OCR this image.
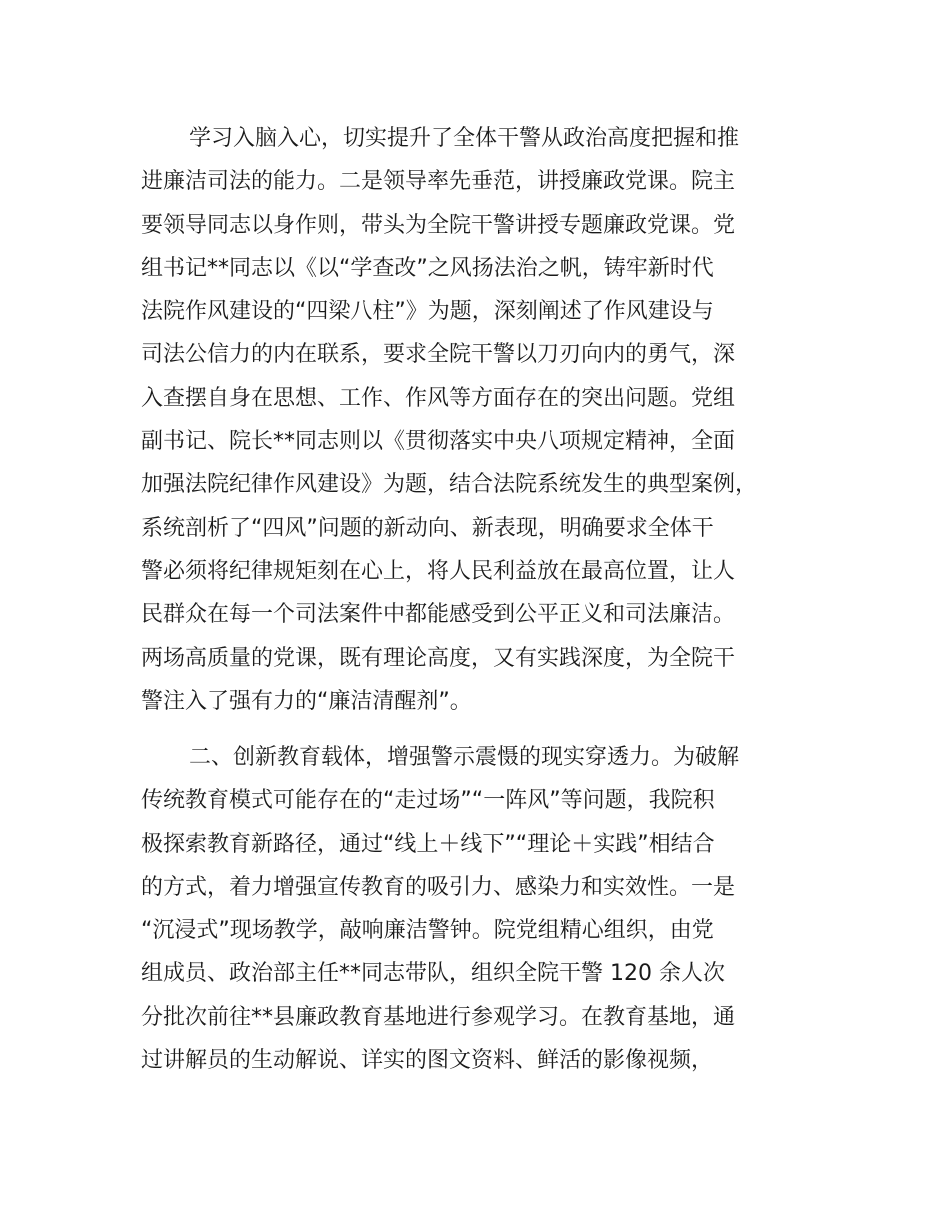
学习入脑入心，切实提升了全体干警从政治高度把握和推
进廉洁司法的能力。二是领导率先垂范，讲授廉政党课。院主
要领导同志以身作则，带头为全院干警讲授专题廉政党课。党
组书记**同志以《以“学查改”之风扬法治之帆，铸牢新时代
法院作风建设的“四梁八柱”》为题，深刻阐述了作风建设与
司法公信力的内在联系，要求全院干警以刀刃向内的勇气，深
入查摆自身在思想、工作、作风等方面存在的突出问题。党组
副书记、院长**同志则以《贯彻落实中央八项规定精神，全面
加强法院纪律作风建设》为题，结合法院系统发生的典型案例，
系统剖析了“四风”问题的新动向、新表现，明确要求全体干
警必须将纪律规矩刻在心上，将人民利益放在最高位置，让人
民群众在每一个司法案件中都能感受到公平正义和司法廉洁。
两场高质量的党课，既有理论高度，又有实践深度，为全院干
警注入了强有力的“廉洁清醒剂”。
二、创新教育载体，增强警示震慑的现实穿透力。为破解
传统教育模式可能存在的“走过场”“一阵风”等问题，我院积
极探索教育新路径，通过“线上＋线下”“理论＋实践”相结合
的方式，着力增强宣传教育的吸引力、感染力和实效性。一是
“沉浸式”现场教学，敲响廉洁警钟。院党组精心组织，由党
组成员、政治部主任**同志带队，组织全院干警 120 余人次
分批次前往**县廉政教育基地进行参观学习。在教育基地，通
过讲解员的生动解说、详实的图文资料、鲜活的影像视频，
